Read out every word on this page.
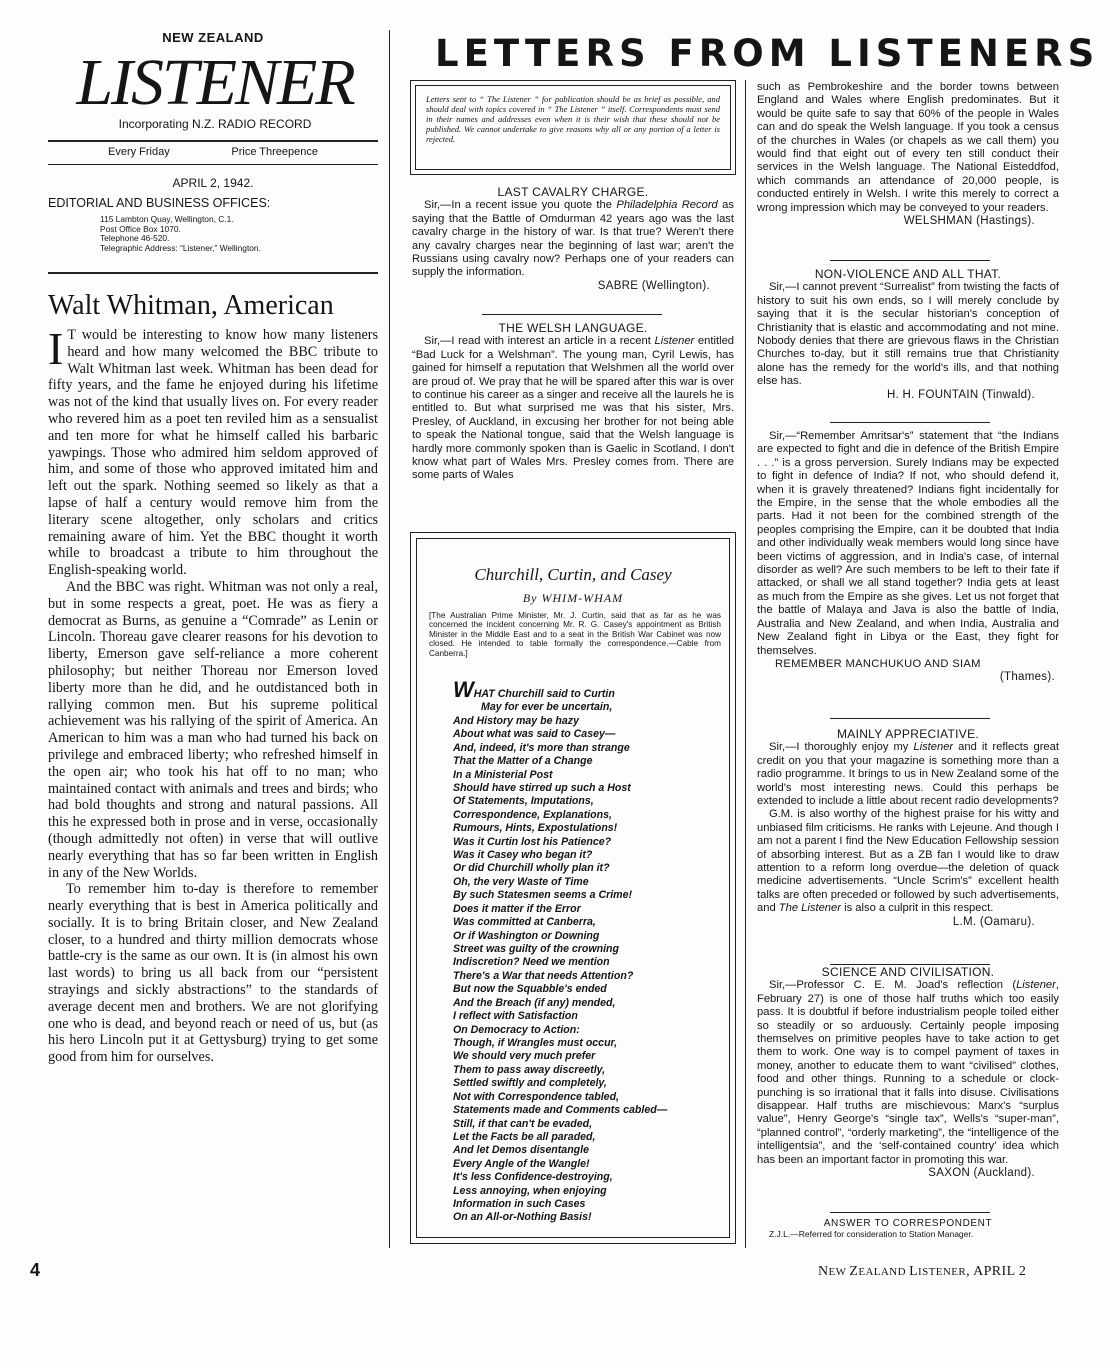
NEW ZEALAND
LISTENER
Incorporating N.Z. RADIO RECORD
Every Friday	Price Threepence
APRIL 2, 1942.
EDITORIAL AND BUSINESS OFFICES:
115 Lambton Quay, Wellington, C.1.
Post Office Box 1070.
Telephone 46-520.
Telegraphic Address: “Listener,” Wellington.
Walt Whitman, American

I T would be interesting to know how many listeners heard and how many welcomed the BBC tribute to Walt Whitman last week. Whitman has been dead for fifty years, and the fame he enjoyed during his lifetime was not of the kind that usually lives on. For every reader who revered him as a poet ten reviled him as a sensualist and ten more for what he himself called his barbaric yawpings. Those who admired him seldom approved of him, and some of those who approved imitated him and left out the spark. Nothing seemed so likely as that a lapse of half a century would remove him from the literary scene altogether, only scholars and critics remaining aware of him. Yet the BBC thought it worth while to broadcast a tribute to him throughout the English-speaking world.

And the BBC was right. Whitman was not only a real, but in some respects a great, poet. He was as fiery a democrat as Burns, as genuine a “Comrade” as Lenin or Lincoln. Thoreau gave clearer reasons for his devotion to liberty, Emerson gave self-reliance a more coherent philosophy; but neither Thoreau nor Emerson loved liberty more than he did, and he outdistanced both in rallying common men. But his supreme political achievement was his rallying of the spirit of America. An American to him was a man who had turned his back on privilege and embraced liberty; who refreshed himself in the open air; who took his hat off to no man; who maintained contact with animals and trees and birds; who had bold thoughts and strong and natural passions. All this he expressed both in prose and in verse, occasionally (though admittedly not often) in verse that will outlive nearly everything that has so far been written in English in any of the New Worlds.

To remember him to-day is therefore to remember nearly everything that is best in America politically and socially. It is to bring Britain closer, and New Zealand closer, to a hundred and thirty million democrats whose battle-cry is the same as our own. It is (in almost his own last words) to bring us all back from our “persistent strayings and sickly abstractions” to the standards of average decent men and brothers. We are not glorifying one who is dead, and beyond reach or need of us, but (as his hero Lincoln put it at Gettysburg) trying to get some good from him for ourselves.

4	NEW ZEALAND LISTENER, APRIL 2
LETTERS FROM LISTENERS
Letters sent to “ The Listener ” for publication should be as brief as possible, and should deal with topics covered in “ The Listener ” itself. Correspondents must send in their names and addresses even when it is their wish that these should not be published. We cannot undertake to give reasons why all or any portion of a letter is rejected.
LAST CAVALRY CHARGE.

Sir,—In a recent issue you quote the Philadelphia Record as saying that the Battle of Omdurman 42 years ago was the last cavalry charge in the history of war. Is that true? Weren't there any cavalry charges near the beginning of last war; aren't the Russians using cavalry now? Perhaps one of your readers can supply the information.

SABRE (Wellington).
THE WELSH LANGUAGE.

Sir,—I read with interest an article in a recent Listener entitled “Bad Luck for a Welshman”. The young man, Cyril Lewis, has gained for himself a reputation that Welshmen all the world over are proud of. We pray that he will be spared after this war is over to continue his career as a singer and receive all the laurels he is entitled to. But what surprised me was that his sister, Mrs. Presley, of Auckland, in excusing her brother for not being able to speak the National tongue, said that the Welsh language is hardly more commonly spoken than is Gaelic in Scotland. I don't know what part of Wales Mrs. Presley comes from. There are some parts of Wales

Churchill, Curtin, and Casey
By WHIM-WHAM
[The Australian Prime Minister, Mr. J. Curtin, said that as far as he was concerned the incident concerning Mr. R. G. Casey's appointment as British Minister in the Middle East and to a seat in the British War Cabinet was now closed. He intended to table formally the correspondence.—Cable from Canberra.]
WHAT Churchill said to Curtin
May for ever be uncertain,
And History may be hazy
About what was said to Casey—
And, indeed, it's more than strange
That the Matter of a Change
In a Ministerial Post
Should have stirred up such a Host
Of Statements, Imputations,
Correspondence, Explanations,
Rumours, Hints, Expostulations!
Was it Curtin lost his Patience?
Was it Casey who began it?
Or did Churchill wholly plan it?
Oh, the very Waste of Time
By such Statesmen seems a Crime!
Does it matter if the Error
Was committed at Canberra,
Or if Washington or Downing
Street was guilty of the crowning
Indiscretion? Need we mention
There's a War that needs Attention?
But now the Squabble's ended
And the Breach (if any) mended,
I reflect with Satisfaction
On Democracy to Action:
Though, if Wrangles must occur,
We should very much prefer
Them to pass away discreetly,
Settled swiftly and completely,
Not with Correspondence tabled,
Statements made and Comments cabled—
Still, if that can't be evaded,
Let the Facts be all paraded,
And let Demos disentangle
Every Angle of the Wangle!
It's less Confidence-destroying,
Less annoying, when enjoying
Information in such Cases
On an All-or-Nothing Basis!

such as Pembrokeshire and the border towns between England and Wales where English predominates. But it would be quite safe to say that 60% of the people in Wales can and do speak the Welsh language. If you took a census of the churches in Wales (or chapels as we call them) you would find that eight out of every ten still conduct their services in the Welsh language. The National Eisteddfod, which commands an attendance of 20,000 people, is conducted entirely in Welsh. I write this merely to correct a wrong impression which may be conveyed to your readers.

WELSHMAN (Hastings).
NON-VIOLENCE AND ALL THAT.

Sir,—I cannot prevent “Surrealist” from twisting the facts of history to suit his own ends, so I will merely conclude by saying that it is the secular historian's conception of Christianity that is elastic and accommodating and not mine. Nobody denies that there are grievous flaws in the Christian Churches to-day, but it still remains true that Christianity alone has the remedy for the world's ills, and that nothing else has.

H. H. FOUNTAIN (Tinwald).

Sir,—“Remember Amritsar's” statement that “the Indians are expected to fight and die in defence of the British Empire . . .” is a gross perversion. Surely Indians may be expected to fight in defence of India? If not, who should defend it, when it is gravely threatened? Indians fight incidentally for the Empire, in the sense that the whole embodies all the parts. Had it not been for the combined strength of the peoples comprising the Empire, can it be doubted that India and other individually weak members would long since have been victims of aggression, and in India's case, of internal disorder as well? Are such members to be left to their fate if attacked, or shall we all stand together? India gets at least as much from the Empire as she gives. Let us not forget that the battle of Malaya and Java is also the battle of India, Australia and New Zealand, and when India, Australia and New Zealand fight in Libya or the East, they fight for themselves.

REMEMBER MANCHUKUO AND SIAM
(Thames).
MAINLY APPRECIATIVE.

Sir,—I thoroughly enjoy my Listener and it reflects great credit on you that your magazine is something more than a radio programme. It brings to us in New Zealand some of the world's most interesting news. Could this perhaps be extended to include a little about recent radio developments?

G.M. is also worthy of the highest praise for his witty and unbiased film criticisms. He ranks with Lejeune. And though I am not a parent I find the New Education Fellowship session of absorbing interest. But as a ZB fan I would like to draw attention to a reform long overdue—the deletion of quack medicine advertisements. “Uncle Scrim's” excellent health talks are often preceded or followed by such advertisements, and The Listener is also a culprit in this respect.

L.M. (Oamaru).
SCIENCE AND CIVILISATION.

Sir,—Professor C. E. M. Joad's reflection (Listener, February 27) is one of those half truths which too easily pass. It is doubtful if before industrialism people toiled either so steadily or so arduously. Certainly people imposing themselves on primitive peoples have to take action to get them to work. One way is to compel payment of taxes in money, another to educate them to want “civilised” clothes, food and other things. Running to a schedule or clock-punching is so irrational that it falls into disuse. Civilisations disappear. Half truths are mischievous: Marx's “surplus value”, Henry George's “single tax”, Wells's “super-man”, “planned control”, “orderly marketing”, the “intelligence of the intelligentsia”, and the ‘self-contained country’ idea which has been an important factor in promoting this war.

SAXON (Auckland).
ANSWER TO CORRESPONDENT
Z.J.L.—Referred for consideration to Station Manager.
